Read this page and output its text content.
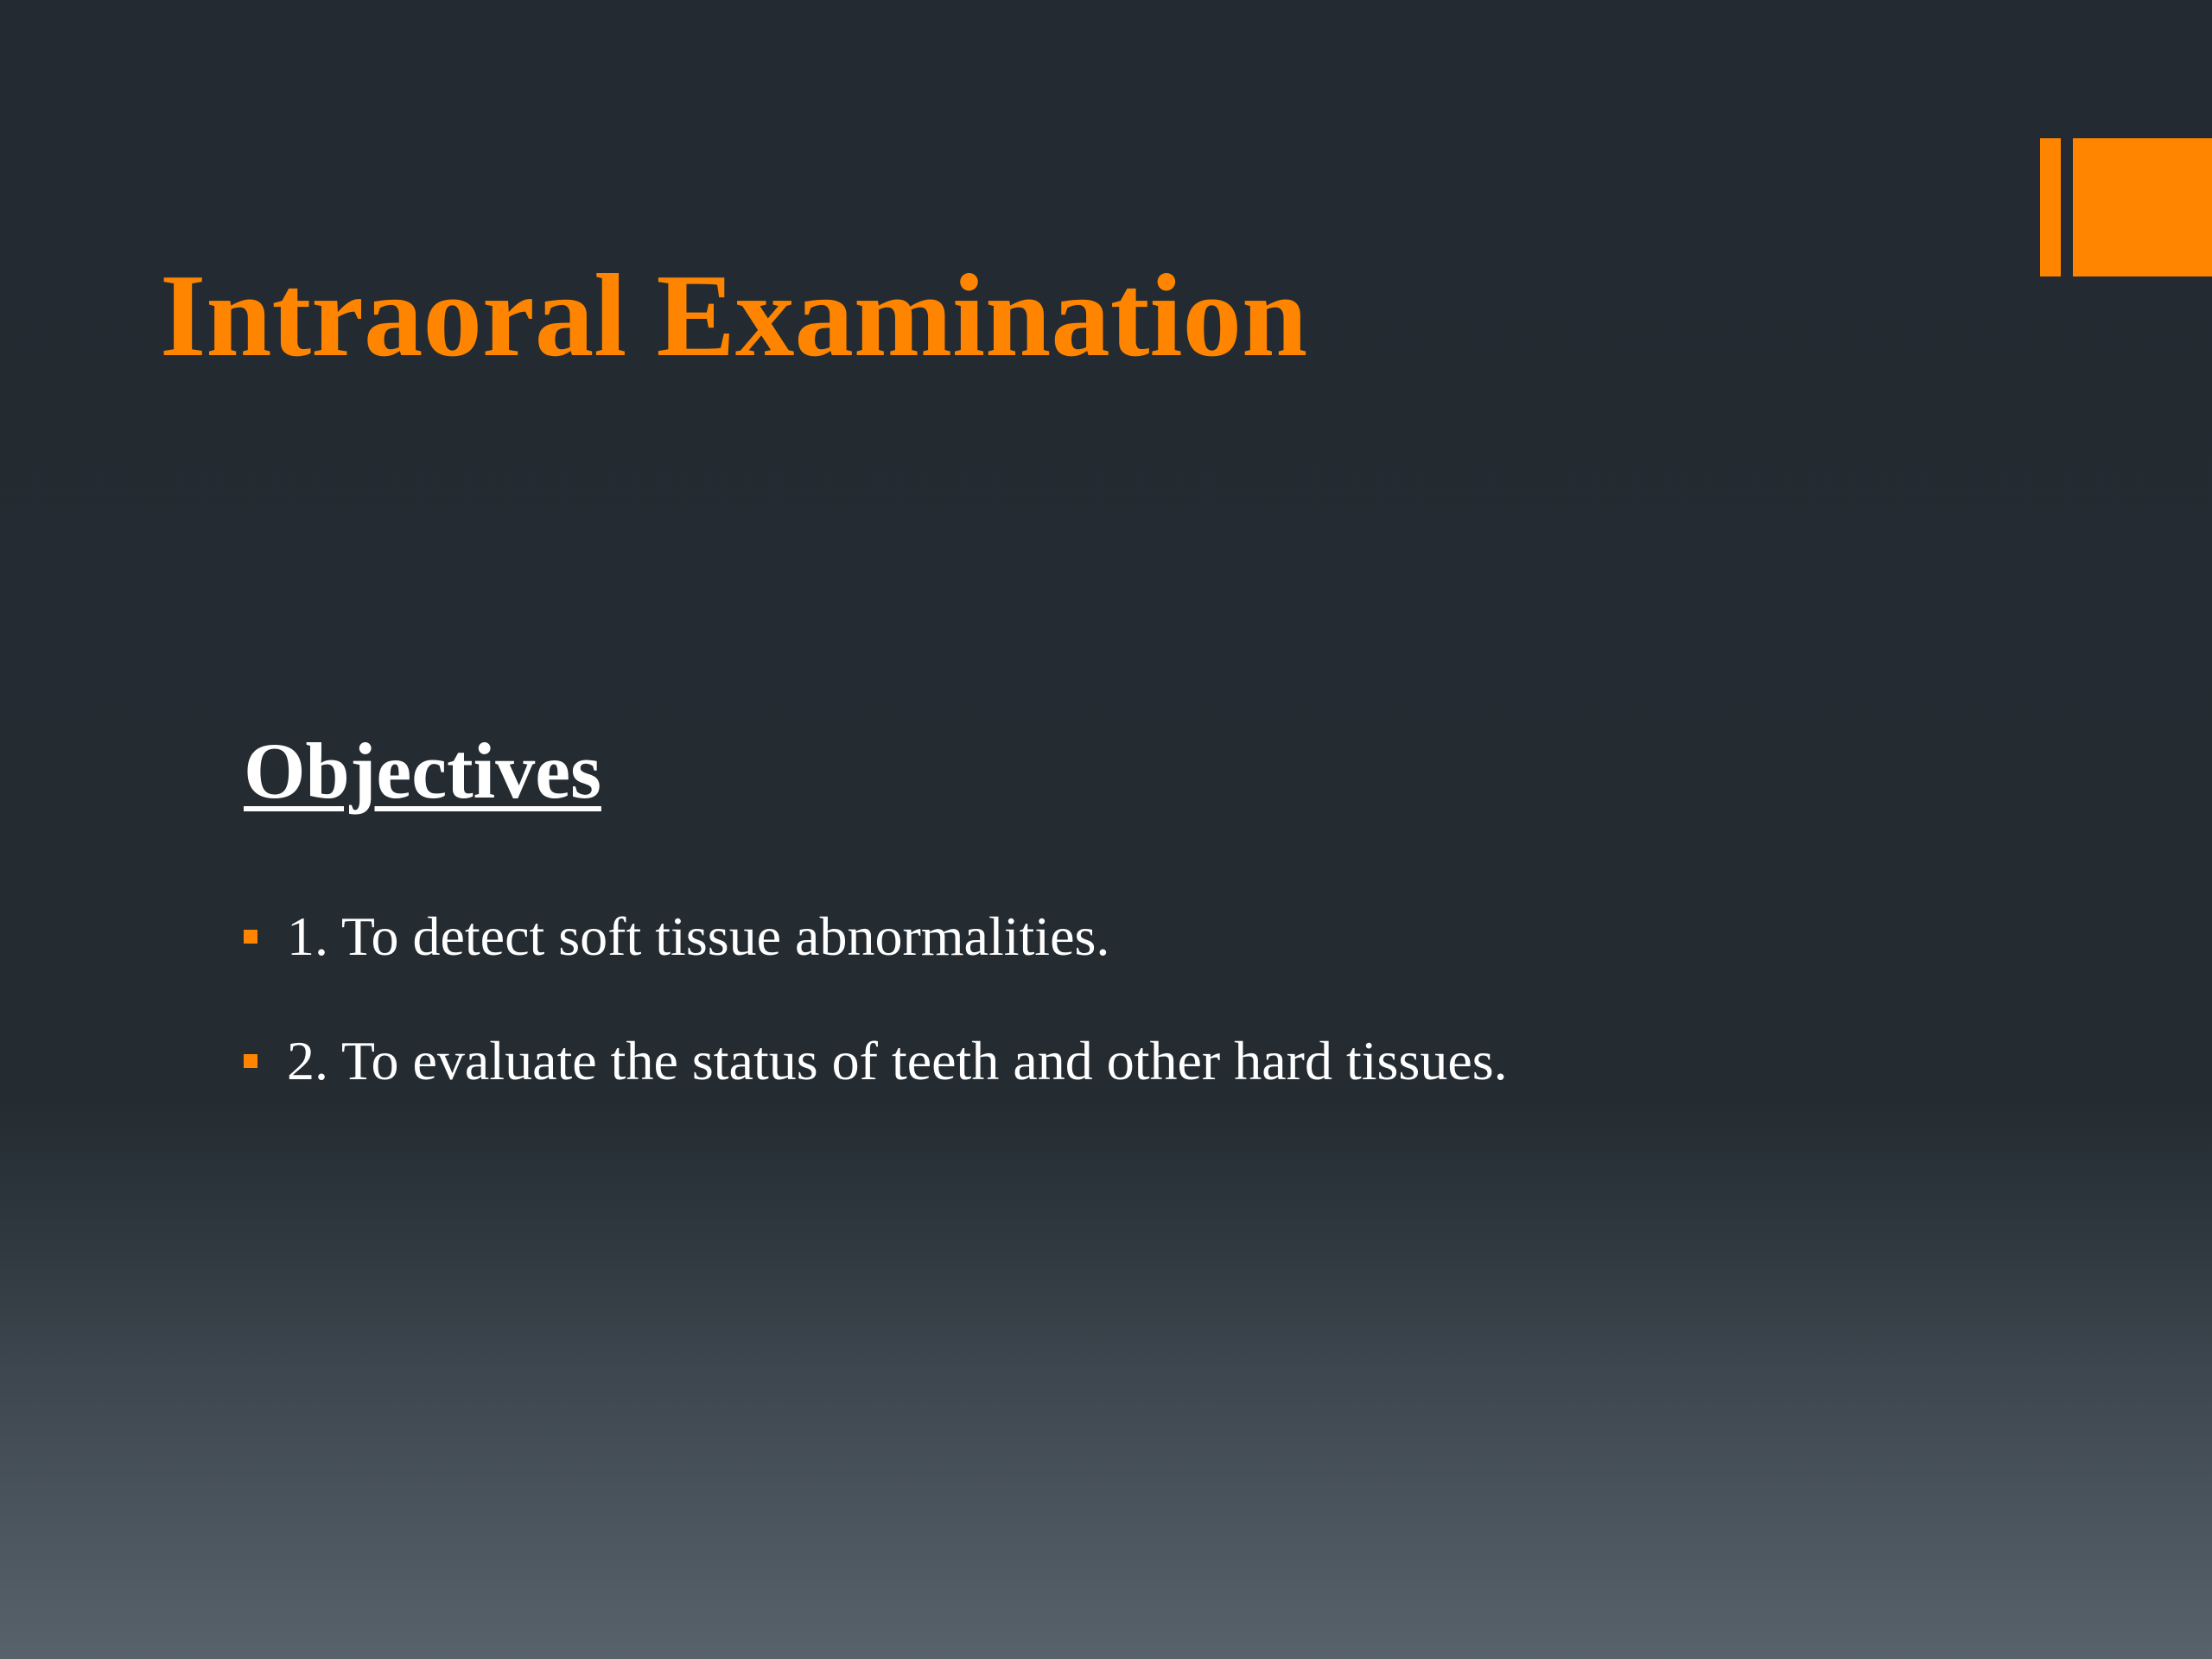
Intraoral Examination
Objectives
1. To detect soft tissue abnormalities.
2. To evaluate the status of teeth and other hard tissues.
